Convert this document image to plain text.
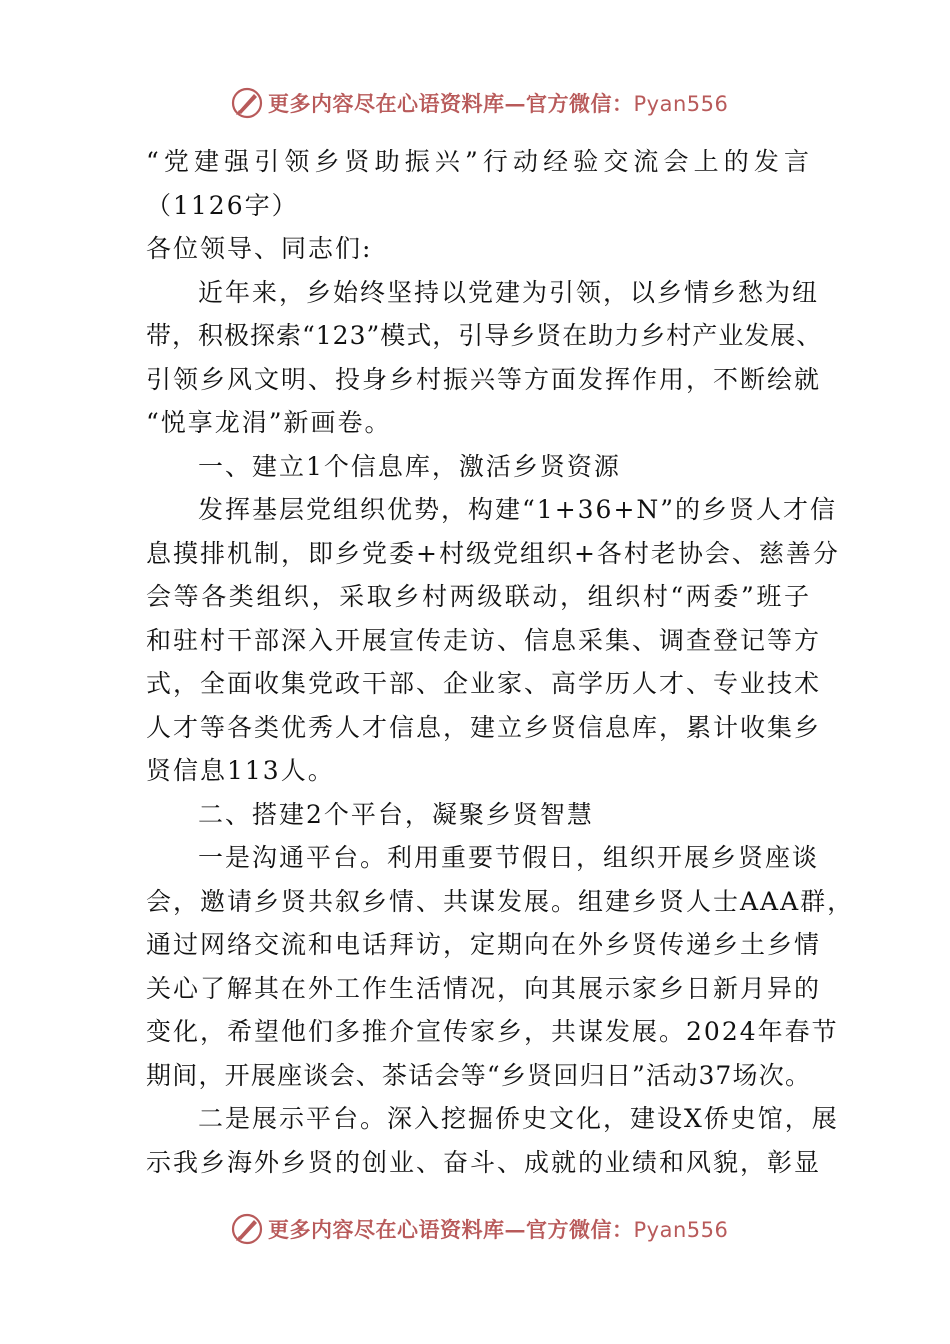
更多内容尽在心语资料库—官方微信：Pyan556
“党建强引领乡贤助振兴”行动经验交流会上的发言
（1126字）
各位领导、同志们:
近年来，乡始终坚持以党建为引领，以乡情乡愁为纽
带，积极探索“123”模式，引导乡贤在助力乡村产业发展、
引领乡风文明、投身乡村振兴等方面发挥作用，不断绘就
“悦享龙涓”新画卷。
一、建立1个信息库，激活乡贤资源
发挥基层党组织优势，构建“1+36+N”的乡贤人才信
息摸排机制，即乡党委+村级党组织+各村老协会、慈善分
会等各类组织，采取乡村两级联动，组织村“两委”班子
和驻村干部深入开展宣传走访、信息采集、调查登记等方
式，全面收集党政干部、企业家、高学历人才、专业技术
人才等各类优秀人才信息，建立乡贤信息库，累计收集乡
贤信息113人。
二、搭建2个平台，凝聚乡贤智慧
一是沟通平台。利用重要节假日，组织开展乡贤座谈
会，邀请乡贤共叙乡情、共谋发展。组建乡贤人士AAA群，
通过网络交流和电话拜访，定期向在外乡贤传递乡土乡情
关心了解其在外工作生活情况，向其展示家乡日新月异的
变化，希望他们多推介宣传家乡，共谋发展。2024年春节
期间，开展座谈会、茶话会等“乡贤回归日”活动37场次。
二是展示平台。深入挖掘侨史文化，建设X侨史馆，展
示我乡海外乡贤的创业、奋斗、成就的业绩和风貌，彰显
更多内容尽在心语资料库—官方微信：Pyan556
